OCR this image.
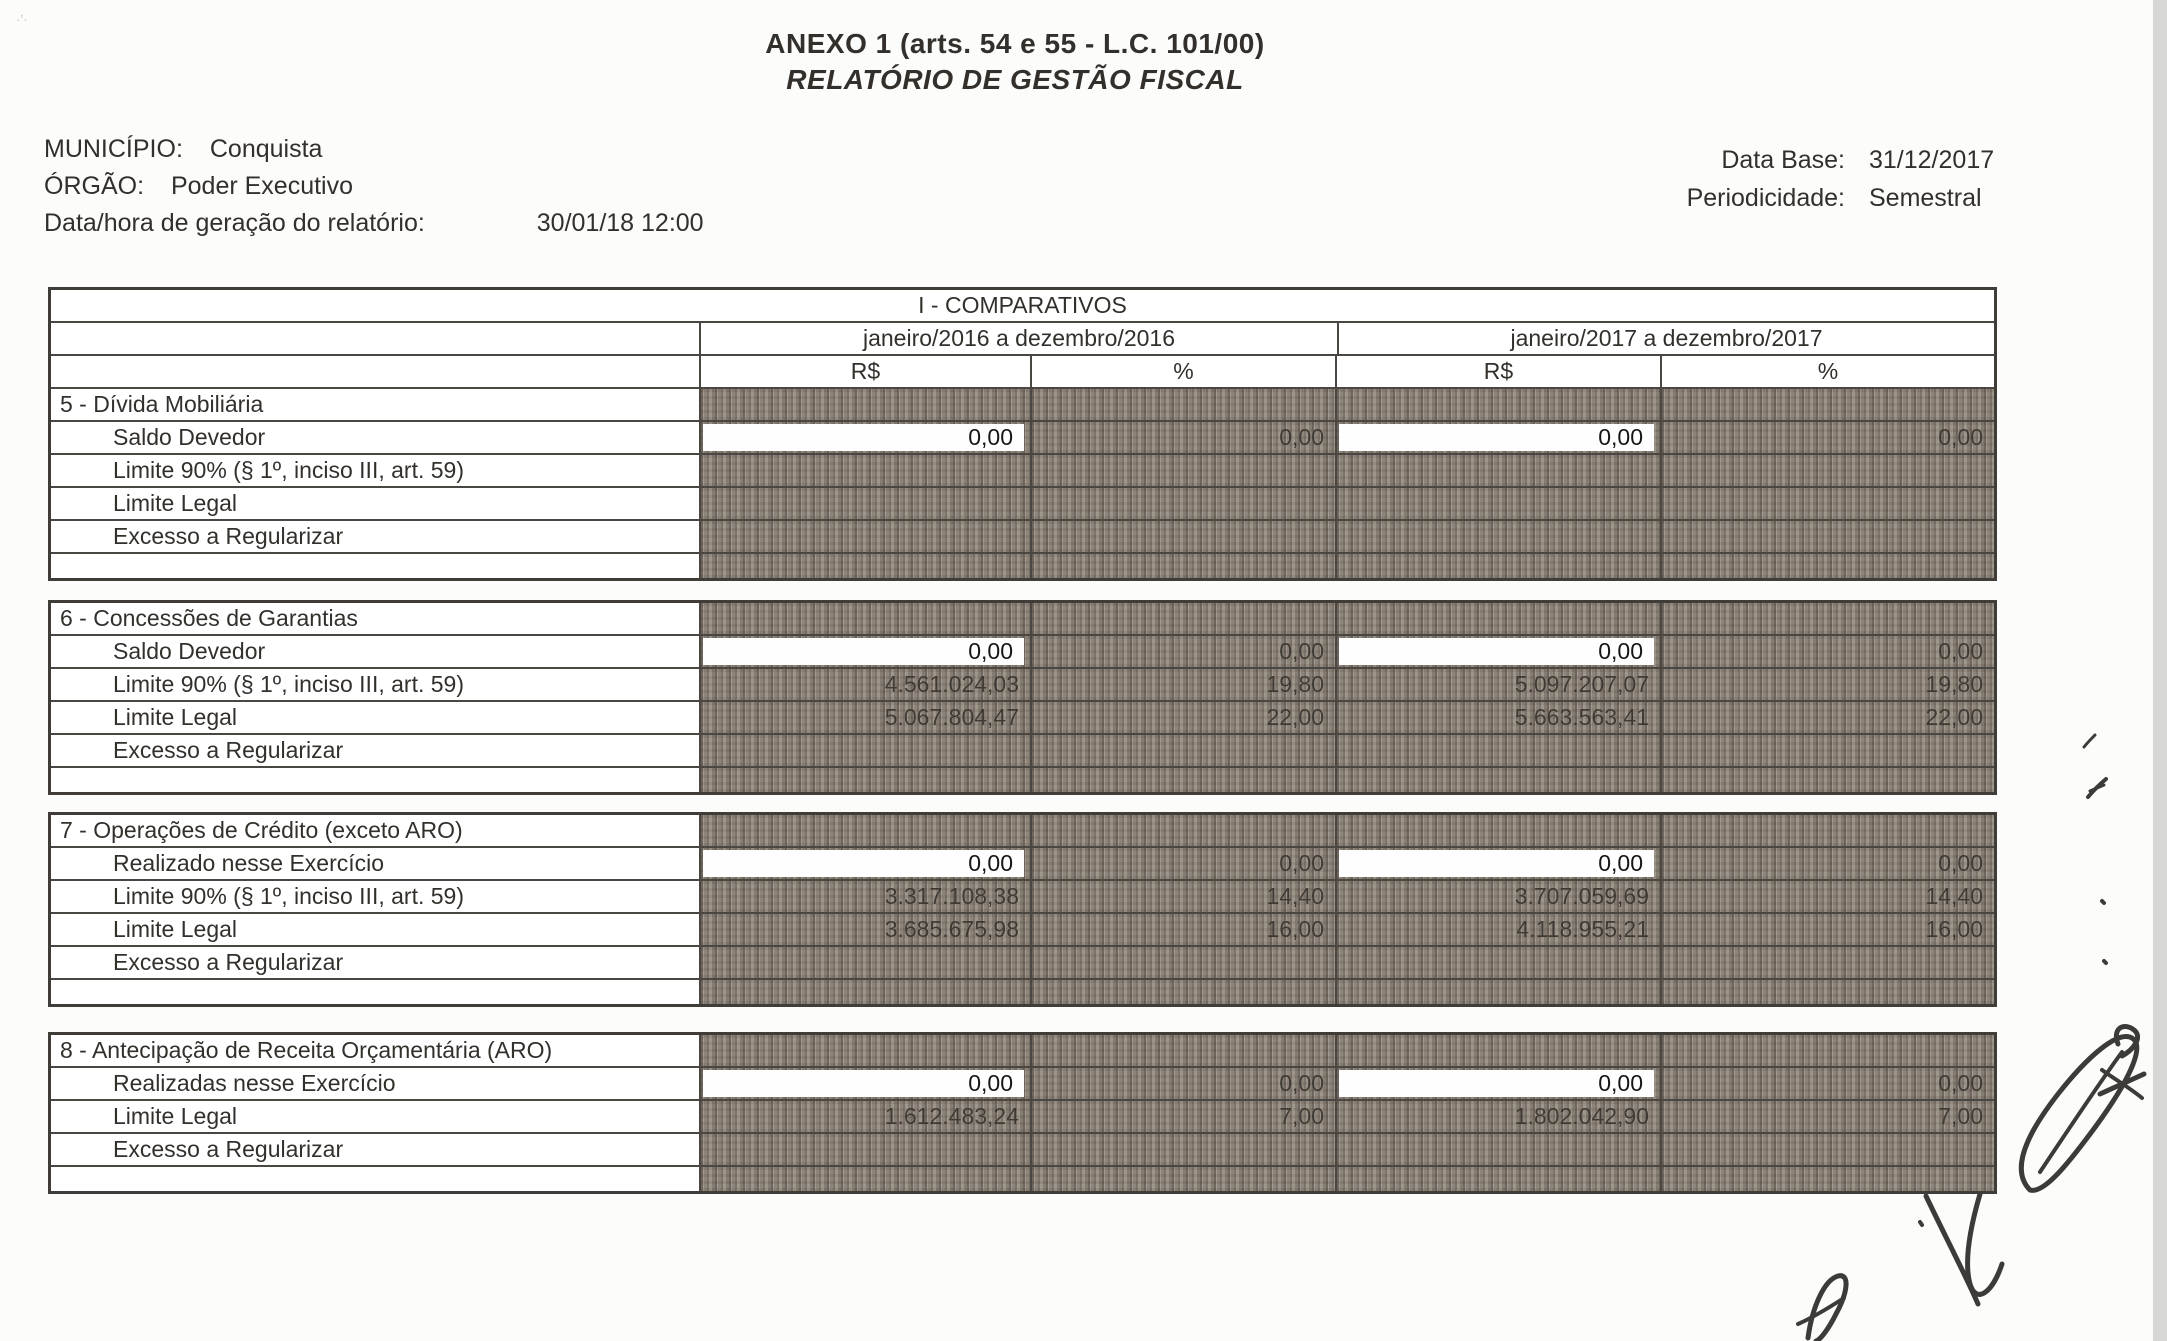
ANEXO 1 (arts. 54 e 55 - L.C. 101/00)
RELATÓRIO DE GESTÃO FISCAL
MUNICÍPIO: Conquista
ÓRGÃO: Poder Executivo
Data/hora de geração do relatório:	30/01/18 12:00
Data Base: 31/12/2017
Periodicidade: Semestral
I - COMPARATIVOS
janeiro/2016 a dezembro/2016	janeiro/2017 a dezembro/2017
R$	%	R$	%
5 - Dívida Mobiliária
Saldo Devedor	0,00	0,00	0,00	0,00
Limite 90% (§ 1º, inciso III, art. 59)
Limite Legal
Excesso a Regularizar
6 - Concessões de Garantias
Saldo Devedor	0,00	0,00	0,00	0,00
Limite 90% (§ 1º, inciso III, art. 59)	4.561.024,03	19,80	5.097.207,07	19,80
Limite Legal	5.067.804,47	22,00	5.663.563,41	22,00
Excesso a Regularizar
7 - Operações de Crédito (exceto ARO)
Realizado nesse Exercício	0,00	0,00	0,00	0,00
Limite 90% (§ 1º, inciso III, art. 59)	3.317.108,38	14,40	3.707.059,69	14,40
Limite Legal	3.685.675,98	16,00	4.118.955,21	16,00
Excesso a Regularizar
8 - Antecipação de Receita Orçamentária (ARO)
Realizadas nesse Exercício	0,00	0,00	0,00	0,00
Limite Legal	1.612.483,24	7,00	1.802.042,90	7,00
Excesso a Regularizar
·ʼ·
